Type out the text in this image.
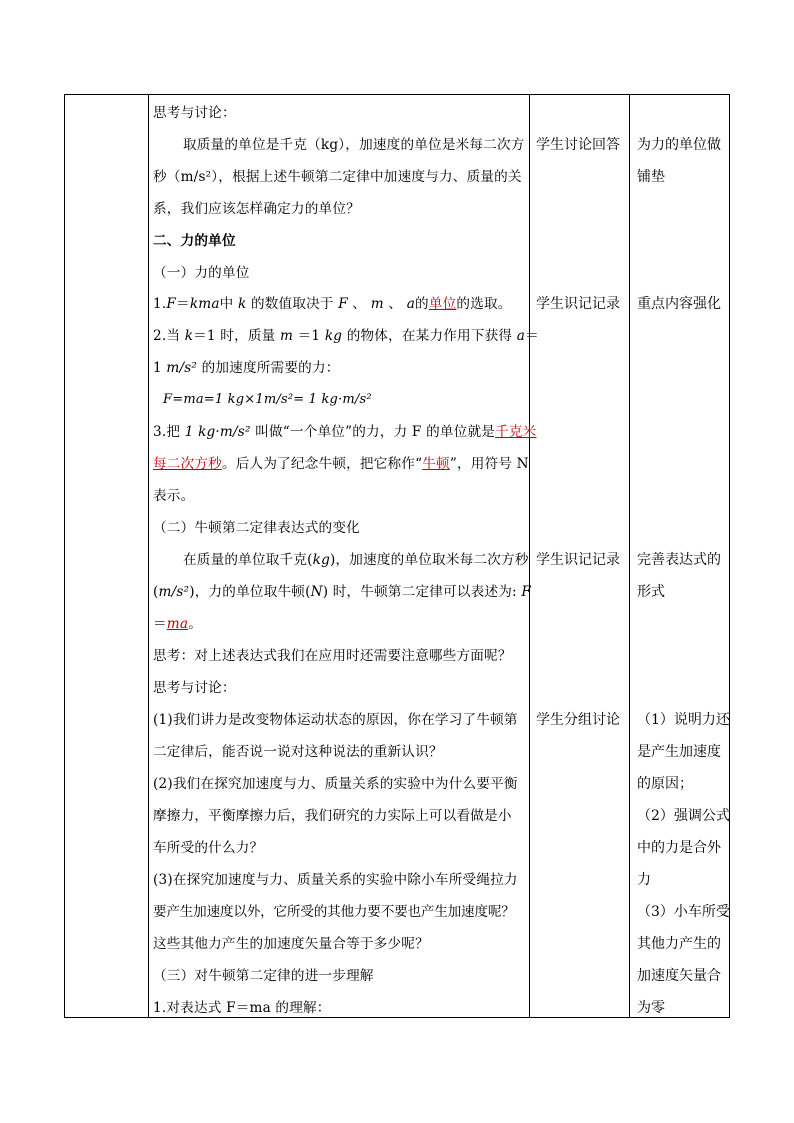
思考与讨论：
取质量的单位是千克（kg），加速度的单位是米每二次方
秒（m/s²），根据上述牛顿第二定律中加速度与力、质量的关
系，我们应该怎样确定力的单位？
二、力的单位
（一）力的单位
1.F＝kma中 k 的数值取决于 F 、 m 、 a的单位的选取。
2.当 k＝1 时，质量 m ＝1 kg 的物体，在某力作用下获得 a＝
1 m/s² 的加速度所需要的力：
F=ma=1 kg×1m/s²= 1 kg·m/s²
3.把 1 kg·m/s² 叫做“一个单位”的力，力 F 的单位就是千克米
每二次方秒。后人为了纪念牛顿，把它称作“牛顿”，用符号 N
表示。
（二）牛顿第二定律表达式的变化
在质量的单位取千克(kg)，加速度的单位取米每二次方秒
(m/s²)，力的单位取牛顿(N) 时，牛顿第二定律可以表述为: F
＝ma。
思考：对上述表达式我们在应用时还需要注意哪些方面呢？
思考与讨论：
(1)我们讲力是改变物体运动状态的原因，你在学习了牛顿第
二定律后，能否说一说对这种说法的重新认识？
(2)我们在探究加速度与力、质量关系的实验中为什么要平衡
摩擦力，平衡摩擦力后，我们研究的力实际上可以看做是小
车所受的什么力？
(3)在探究加速度与力、质量关系的实验中除小车所受绳拉力
要产生加速度以外，它所受的其他力要不要也产生加速度呢？
这些其他力产生的加速度矢量合等于多少呢？
（三）对牛顿第二定律的进一步理解
1.对表达式 F＝ma 的理解：
学生讨论回答
学生识记记录
学生识记记录
学生分组讨论
为力的单位做
铺垫
重点内容强化
完善表达式的
形式
（1）说明力还
是产生加速度
的原因；
（2）强调公式
中的力是合外
力
（3）小车所受
其他力产生的
加速度矢量合
为零
